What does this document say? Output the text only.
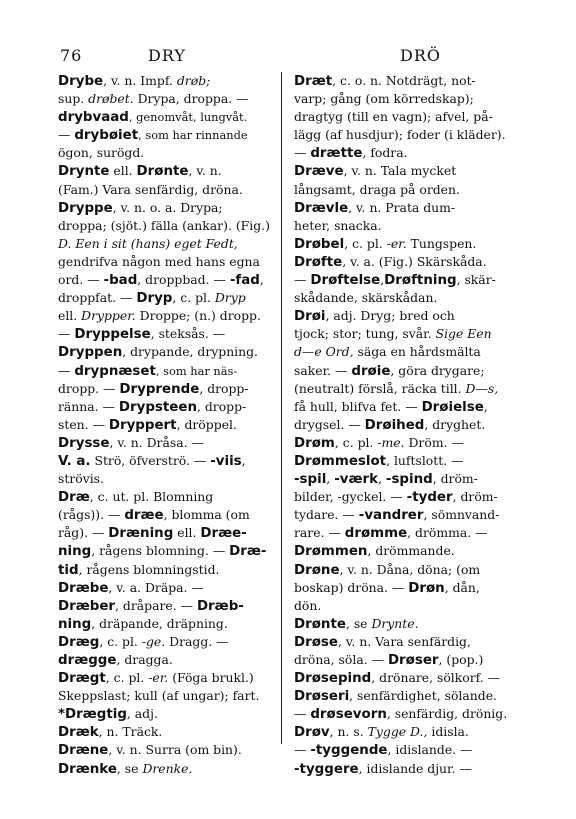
76	DRY	DRÖ
Drybe, v. n. Impf. drøb;
sup. drøbet. Drypa, droppa. —
drybvaad, genomvåt, lungvåt.
— drybøiet, som har rinnande
ögon, surögd.
Drynte ell. Drønte, v. n.
(Fam.) Vara senfärdig, dröna.
Dryppe, v. n. o. a. Drypa;
droppa; (sjöt.) fälla (ankar). (Fig.)
D. Een i sit (hans) eget Fedt,
gendrifva någon med hans egna
ord. — -bad, droppbad. — -fad,
droppfat. — Dryp, c. pl. Dryp
ell. Drypper. Droppe; (n.) dropp.
— Dryppelse, steksås. —
Dryppen, drypande, drypning.
— drypnæset, som har näs-
dropp. — Dryprende, dropp-
ränna. — Drypsteen, dropp-
sten. — Dryppert, dröppel.
Drysse, v. n. Dråsa. —
V. a. Strö, öfverströ. — -viis,
strövis.
Dræ, c. ut. pl. Blomning
(rågs)). — dræe, blomma (om
råg). — Dræning ell. Dræe-
ning, rågens blomning. — Dræ-
tid, rågens blomningstid.
Dræbe, v. a. Dräpa. —
Dræber, dråpare. — Dræb-
ning, dräpande, dräpning.
Dræg, c. pl. -ge. Dragg. —
drægge, dragga.
Drægt, c. pl. -er. (Föga brukl.)
Skeppslast; kull (af ungar); fart.
*Drægtig, adj.
Dræk, n. Träck.
Dræne, v. n. Surra (om bin).
Drænke, se Drenke.
Dræt, c. o. n. Notdrägt, not-
varp; gång (om körredskap);
dragtyg (till en vagn); afvel, på-
lägg (af husdjur); foder (i kläder).
— drætte, fodra.
Dræve, v. n. Tala mycket
långsamt, draga på orden.
Drævle, v. n. Prata dum-
heter, snacka.
Drøbel, c. pl. -er. Tungspen.
Drøfte, v. a. (Fig.) Skärskåda.
— Drøftelse,Drøftning, skär-
skådande, skärskådan.
Drøi, adj. Dryg; bred och
tjock; stor; tung, svår. Sige Een
d—e Ord, säga en hårdsmälta
saker. — drøie, göra drygare;
(neutralt) förslå, räcka till. D—s,
få hull, blifva fet. — Drøielse,
drygsel. — Drøihed, dryghet.
Drøm, c. pl. -me. Dröm. —
Drømmeslot, luftslott. —
-spil, -værk, -spind, dröm-
bilder, -gyckel. — -tyder, dröm-
tydare. — -vandrer, sömnvand-
rare. — drømme, drömma. —
Drømmen, drömmande.
Drøne, v. n. Dåna, döna; (om
boskap) dröna. — Drøn, dån,
dön.
Drønte, se Drynte.
Drøse, v. n. Vara senfärdig,
dröna, söla. — Drøser, (pop.)
Drøsepind, drönare, sölkorf. —
Drøseri, senfärdighet, sölande.
— drøsevorn, senfärdig, drönig.
Drøv, n. s. Tygge D., idisla.
— -tyggende, idislande. —
-tyggere, idislande djur. —
